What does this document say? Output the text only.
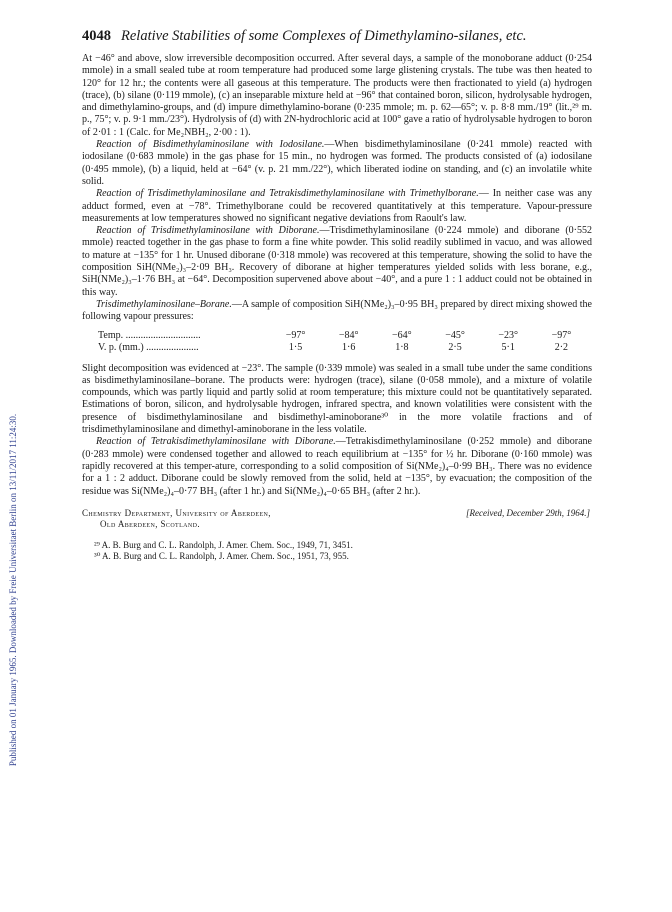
Published on 01 January 1965. Downloaded by Freie Universitaet Berlin on 13/11/2017 11:24:30.
4048 Relative Stabilities of some Complexes of Dimethylamino-silanes, etc.

At −46° and above, slow irreversible decomposition occurred. After several days, a sample of the monoborane adduct (0·254 mmole) in a small sealed tube at room temperature had produced some large glistening crystals. The tube was then heated to 120° for 12 hr.; the contents were all gaseous at this temperature. The products were then fractionated to yield (a) hydrogen (trace), (b) silane (0·119 mmole), (c) an inseparable mixture held at −96° that contained boron, silicon, hydrolysable hydrogen, and dimethylamino-groups, and (d) impure dimethylamino-borane (0·235 mmole; m. p. 62—65°; v. p. 8·8 mm./19° (lit.,²⁹ m. p., 75°; v. p. 9·1 mm./23°). Hydrolysis of (d) with 2N-hydrochloric acid at 100° gave a ratio of hydrolysable hydrogen to boron of 2·01 : 1 (Calc. for Me₂NBH₂, 2·00 : 1).

Reaction of Bisdimethylaminosilane with Iodosilane.—When bisdimethylaminosilane (0·241 mmole) reacted with iodosilane (0·683 mmole) in the gas phase for 15 min., no hydrogen was formed. The products consisted of (a) iodosilane (0·495 mmole), (b) a liquid, held at −64° (v. p. 21 mm./22°), which liberated iodine on standing, and (c) an involatile white solid.

Reaction of Trisdimethylaminosilane and Tetrakisdimethylaminosilane with Trimethylborane.— In neither case was any adduct formed, even at −78°. Trimethylborane could be recovered quantitatively at this temperature. Vapour-pressure measurements at low temperatures showed no significant negative deviations from Raoult's law.

Reaction of Trisdimethylaminosilane with Diborane.—Trisdimethylaminosilane (0·224 mmole) and diborane (0·552 mmole) reacted together in the gas phase to form a fine white powder. This solid readily sublimed in vacuo, and was allowed to mature at −135° for 1 hr. Unused diborane (0·318 mmole) was recovered at this temperature, showing the solid to have the composition SiH(NMe₂)₃–2·09 BH₃. Recovery of diborane at higher temperatures yielded solids with less borane, e.g., SiH(NMe₂)₃–1·76 BH₃ at −64°. Decomposition supervened above about −40°, and a pure 1 : 1 adduct could not be obtained in this way.

Trisdimethylaminosilane–Borane.—A sample of composition SiH(NMe₂)₃–0·95 BH₃ prepared by direct mixing showed the following vapour pressures:

Temp. ..............................	−97°	−84°	−64°	−45°	−23°	−97°
V. p. (mm.) .....................	1·5	1·6	1·8	2·5	5·1	2·2

Slight decomposition was evidenced at −23°. The sample (0·339 mmole) was sealed in a small tube under the same conditions as bisdimethylaminosilane–borane. The products were: hydrogen (trace), silane (0·058 mmole), and a mixture of volatile compounds, which was partly liquid and partly solid at room temperature; this mixture could not be quantitatively separated. Estimations of boron, silicon, and hydrolysable hydrogen, infrared spectra, and known volatilities were consistent with the presence of bisdimethylaminosilane and bisdimethyl-aminoborane³⁰ in the more volatile fractions and of trisdimethylaminosilane and dimethyl-aminoborane in the less volatile.

Reaction of Tetrakisdimethylaminosilane with Diborane.—Tetrakisdimethylaminosilane (0·252 mmole) and diborane (0·283 mmole) were condensed together and allowed to reach equilibrium at −135° for ½ hr. Diborane (0·160 mmole) was rapidly recovered at this temper-ature, corresponding to a solid composition of Si(NMe₂)₄–0·99 BH₃. There was no evidence for a 1 : 2 adduct. Diborane could be slowly removed from the solid, held at −135°, by evacuation; the composition of the residue was Si(NMe₂)₄–0·77 BH₃ (after 1 hr.) and Si(NMe₂)₄–0·65 BH₃ (after 2 hr.).

Chemistry Department, University of Aberdeen,
Old Aberdeen, Scotland.
[Received, December 29th, 1964.]
²⁹ A. B. Burg and C. L. Randolph, J. Amer. Chem. Soc., 1949, 71, 3451.
³⁰ A. B. Burg and C. L. Randolph, J. Amer. Chem. Soc., 1951, 73, 955.
